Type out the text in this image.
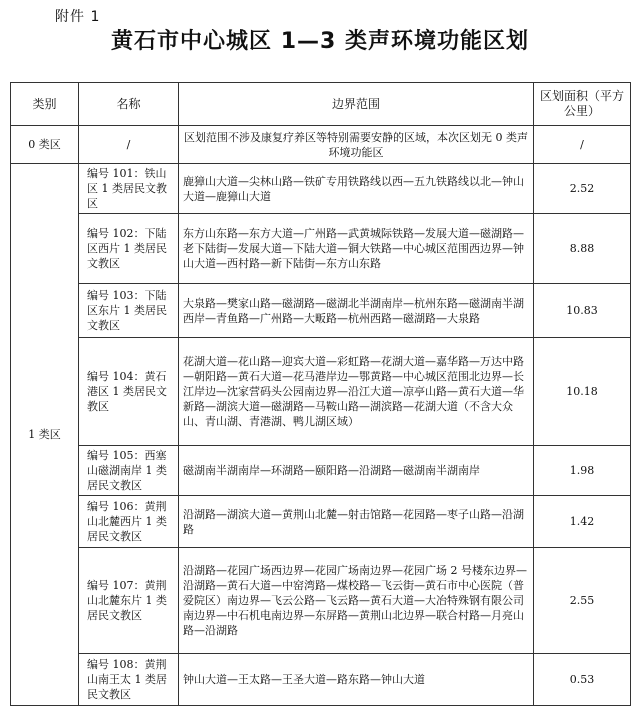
附件 1
黄石市中心城区 1—3 类声环境功能区划
类别	名称	边界范围	区划面积（平方公里）
0 类区	/	区划范围不涉及康复疗养区等特别需要安静的区域，本次区划无 0 类声环境功能区	/
1 类区	编号 101：铁山区 1 类居民文教区	鹿獐山大道—尖林山路—铁矿专用铁路线以西—五九铁路线以北—钟山大道—鹿獐山大道	2.52
	编号 102：下陆区西片 1 类居民文教区	东方山东路—东方大道—广州路—武黄城际铁路—发展大道—磁湖路—老下陆街—发展大道—下陆大道—铜大铁路—中心城区范围西边界—钟山大道—西村路—新下陆街—东方山东路	8.88
	编号 103：下陆区东片 1 类居民文教区	大泉路—樊家山路—磁湖路—磁湖北半湖南岸—杭州东路—磁湖南半湖西岸—青鱼路—广州路—大畈路—杭州西路—磁湖路—大泉路	10.83
	编号 104：黄石港区 1 类居民文教区	花湖大道—花山路—迎宾大道—彩虹路—花湖大道—嘉华路—万达中路—朝阳路—黄石大道—花马港岸边—鄂黄路—中心城区范围北边界—长江岸边—沈家营码头公园南边界—沿江大道—凉亭山路—黄石大道—华新路—湖滨大道—磁湖路—马鞍山路—湖滨路—花湖大道（不含大众山、青山湖、青港湖、鸭儿湖区域）	10.18
	编号 105：西塞山磁湖南岸 1 类居民文教区	磁湖南半湖南岸—环湖路—颐阳路—沿湖路—磁湖南半湖南岸	1.98
	编号 106：黄荆山北麓西片 1 类居民文教区	沿湖路—湖滨大道—黄荆山北麓—射击馆路—花园路—枣子山路—沿湖路	1.42
	编号 107：黄荆山北麓东片 1 类居民文教区	沿湖路—花园广场西边界—花园广场南边界—花园广场 2 号楼东边界—沿湖路—黄石大道—中窑湾路—煤校路—飞云街—黄石市中心医院（普爱院区）南边界—飞云公路—飞云路—黄石大道—大冶特殊钢有限公司南边界—中石机电南边界—东屏路—黄荆山北边界—联合村路—月亮山路—沿湖路	2.55
	编号 108：黄荆山南王太 1 类居民文教区	钟山大道—王太路—王圣大道—路东路—钟山大道	0.53
